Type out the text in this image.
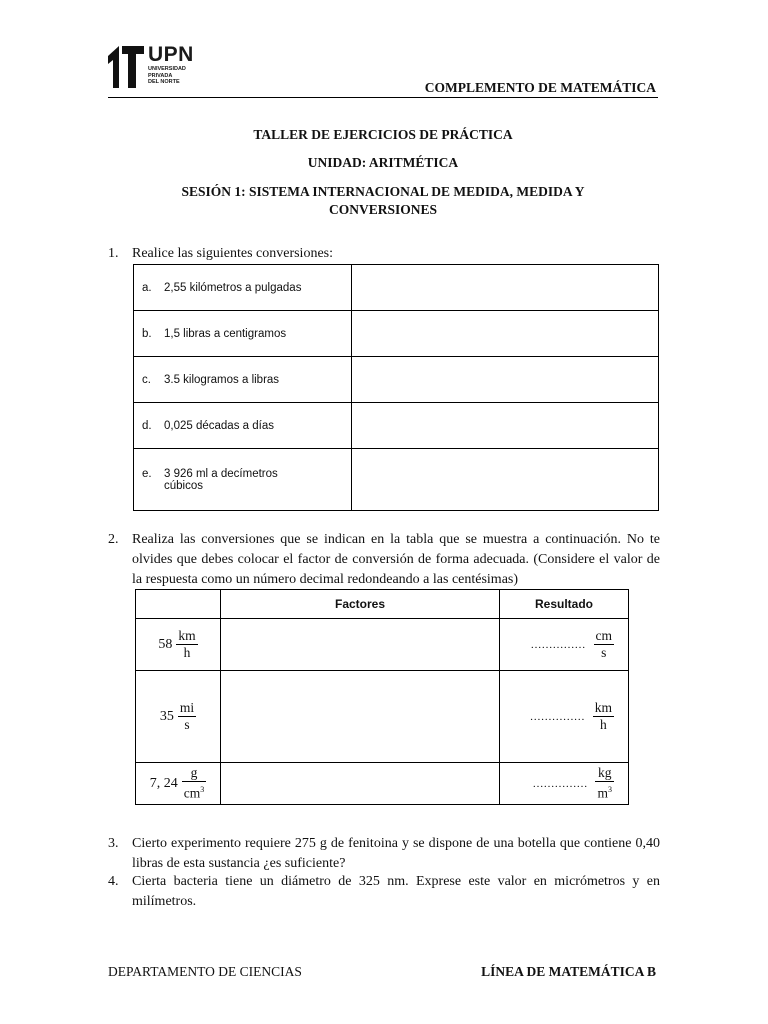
UPN
UNIVERSIDAD
PRIVADA
DEL NORTE	COMPLEMENTO DE MATEMÁTICA
TALLER DE EJERCICIOS DE PRÁCTICA
UNIDAD: ARITMÉTICA
SESIÓN 1: SISTEMA INTERNACIONAL DE MEDIDA, MEDIDA Y
CONVERSIONES
1. Realice las siguientes conversiones:
a. 2,55 kilómetros a pulgadas	

b. 1,5 libras a centigramos	

c. 3.5 kilogramos a libras	

d. 0,025 décadas a días	

e. 3 926 ml a decímetros cúbicos	

2. Realiza las conversiones que se indican en la tabla que se muestra a continuación. No te olvides que debes colocar el factor de conversión de forma adecuada. (Considere el valor de la respuesta como un número decimal redondeando a las centésimas)
	Factores	Resultado
$58 \frac{km}{h}$		…………… $\frac{cm}{s}$

$35 \frac{mi}{s}$		…………… $\frac{km}{h}$

7, $24 \frac{g}{cm^3}$		…………… $\frac{kg}{m^3}$
3. Cierto experimento requiere 275 g de fenitoina y se dispone de una botella que contiene 0,40 libras de esta sustancia ¿es suficiente?
4. Cierta bacteria tiene un diámetro de 325 nm. Exprese este valor en micrómetros y en milímetros.
DEPARTAMENTO DE CIENCIAS	LÍNEA DE MATEMÁTICA B
